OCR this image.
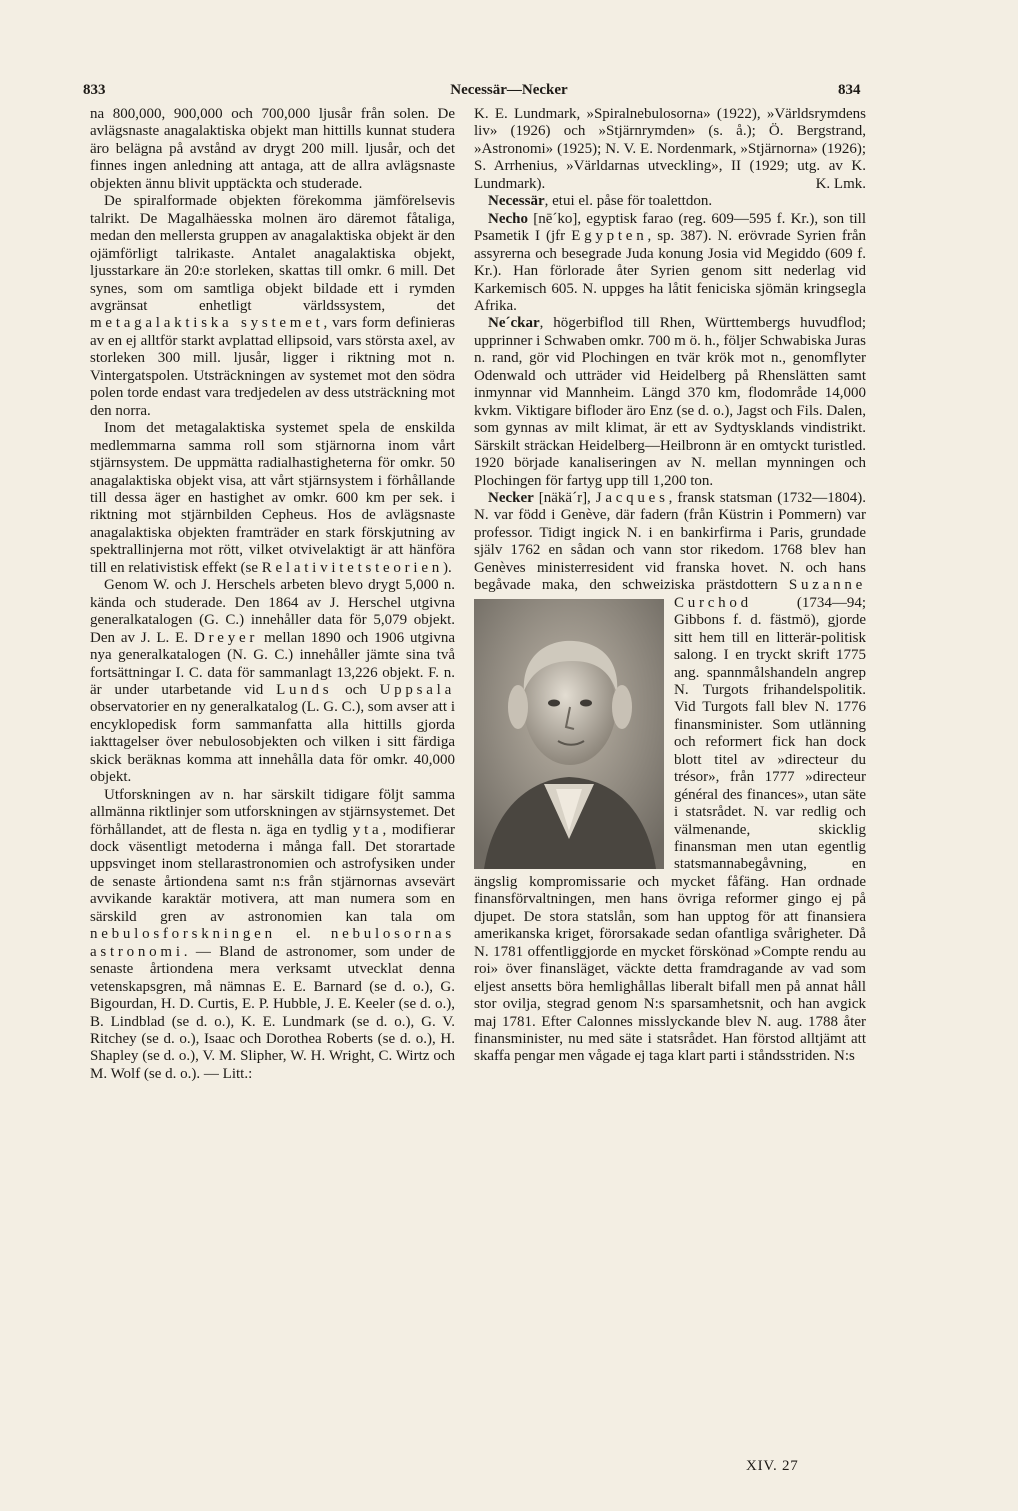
833	Necessär—Necker	834

na 800,000, 900,000 och 700,000 ljusår från solen. De avlägsnaste anagalaktiska objekt man hittills kunnat studera äro belägna på avstånd av drygt 200 mill. ljusår, och det finnes ingen anledning att antaga, att de allra avlägsnaste objekten ännu blivit upptäckta och studerade.

De spiralformade objekten förekomma jämförelsevis talrikt. De Magalhäesska molnen äro däremot fåtaliga, medan den mellersta gruppen av anagalaktiska objekt är den ojämförligt talrikaste. Antalet anagalaktiska objekt, ljusstarkare än 20:e storleken, skattas till omkr. 6 mill. Det synes, som om samtliga objekt bildade ett i rymden avgränsat enhetligt världssystem, det metagalaktiska systemet, vars form definieras av en ej alltför starkt avplattad ellipsoid, vars största axel, av storleken 300 mill. ljusår, ligger i riktning mot n. Vintergatspolen. Utsträckningen av systemet mot den södra polen torde endast vara tredjedelen av dess utsträckning mot den norra.

Inom det metagalaktiska systemet spela de enskilda medlemmarna samma roll som stjärnorna inom vårt stjärnsystem. De uppmätta radialhastigheterna för omkr. 50 anagalaktiska objekt visa, att vårt stjärnsystem i förhållande till dessa äger en hastighet av omkr. 600 km per sek. i riktning mot stjärnbilden Cepheus. Hos de avlägsnaste anagalaktiska objekten framträder en stark förskjutning av spektrallinjerna mot rött, vilket otvivelaktigt är att hänföra till en relativistisk effekt (se Relativitetsteorien).

Genom W. och J. Herschels arbeten blevo drygt 5,000 n. kända och studerade. Den 1864 av J. Herschel utgivna generalkatalogen (G. C.) innehåller data för 5,079 objekt. Den av J. L. E. Dreyer mellan 1890 och 1906 utgivna nya generalkatalogen (N. G. C.) innehåller jämte sina två fortsättningar I. C. data för sammanlagt 13,226 objekt. F. n. är under utarbetande vid Lunds och Uppsala observatorier en ny generalkatalog (L. G. C.), som avser att i encyklopedisk form sammanfatta alla hittills gjorda iakttagelser över nebulosobjekten och vilken i sitt färdiga skick beräknas komma att innehålla data för omkr. 40,000 objekt.

Utforskningen av n. har särskilt tidigare följt samma allmänna riktlinjer som utforskningen av stjärnsystemet. Det förhållandet, att de flesta n. äga en tydlig yta, modifierar dock väsentligt metoderna i många fall. Det storartade uppsvinget inom stellarastronomien och astrofysiken under de senaste årtiondena samt n:s från stjärnornas avsevärt avvikande karaktär motivera, att man numera som en särskild gren av astronomien kan tala om nebulosforskningen el. nebulosornas astronomi. — Bland de astronomer, som under de senaste årtiondena mera verksamt utvecklat denna vetenskapsgren, må nämnas E. E. Barnard (se d. o.), G. Bigourdan, H. D. Curtis, E. P. Hubble, J. E. Keeler (se d. o.), B. Lindblad (se d. o.), K. E. Lundmark (se d. o.), G. V. Ritchey (se d. o.), Isaac och Dorothea Roberts (se d. o.), H. Shapley (se d. o.), V. M. Slipher, W. H. Wright, C. Wirtz och M. Wolf (se d. o.). — Litt.:

K. E. Lundmark, »Spiralnebulosorna» (1922), »Världsrymdens liv» (1926) och »Stjärnrymden» (s. å.); Ö. Bergstrand, »Astronomi» (1925); N. V. E. Nordenmark, »Stjärnorna» (1926); S. Arrhenius, »Världarnas utveckling», II (1929; utg. av K. Lundmark).	K. Lmk.

Necessär, etui el. påse för toalettdon.

Necho [nē´ko], egyptisk farao (reg. 609—595 f. Kr.), son till Psametik I (jfr Egypten, sp. 387). N. erövrade Syrien från assyrerna och besegrade Juda konung Josia vid Megiddo (609 f. Kr.). Han förlorade åter Syrien genom sitt nederlag vid Karkemisch 605. N. uppges ha låtit feniciska sjömän kringsegla Afrika.

Ne´ckar, högerbiflod till Rhen, Württembergs huvudflod; upprinner i Schwaben omkr. 700 m ö. h., följer Schwabiska Juras n. rand, gör vid Plochingen en tvär krök mot n., genomflyter Odenwald och utträder vid Heidelberg på Rhenslätten samt inmynnar vid Mannheim. Längd 370 km, flodområde 14,000 kvkm. Viktigare bifloder äro Enz (se d. o.), Jagst och Fils. Dalen, som gynnas av milt klimat, är ett av Sydtysklands vindistrikt. Särskilt sträckan Heidelberg—Heilbronn är en omtyckt turistled. 1920 började kanaliseringen av N. mellan mynningen och Plochingen för fartyg upp till 1,200 ton.

Necker [näkä´r], Jacques, fransk statsman (1732—1804). N. var född i Genève, där fadern (från Küstrin i Pommern) var professor. Tidigt ingick N. i en bankirfirma i Paris, grundade själv 1762 en sådan och vann stor rikedom. 1768 blev han Genèves ministerresident vid franska hovet. N. och hans begåvade maka, den schweiziska prästdottern
Suzanne Curchod (1734—94; Gibbons f. d. fästmö), gjorde sitt hem till en litterär-politisk salong. I en tryckt skrift 1775 ang. spannmålshandeln angrep N. Turgots frihandelspolitik. Vid Turgots fall blev N. 1776 finansminister. Som utlänning och reformert fick han dock blott titel av »directeur du trésor», från 1777 »directeur général des finances», utan säte i statsrådet. N. var redlig och välmenande, skicklig finansman men utan egentlig statsmannabegåvning, en ängslig kompromissarie och mycket fåfäng. Han ordnade finansförvaltningen, men hans övriga reformer gingo ej på djupet. De stora statslån, som han upptog för att finansiera amerikanska kriget, förorsakade sedan ofantliga svårigheter. Då N. 1781 offentliggjorde en mycket förskönad »Compte rendu au roi» över finansläget, väckte detta framdragande av vad som eljest ansetts böra hemlighållas liberalt bifall men på annat håll stor ovilja, stegrad genom N:s sparsamhetsnit, och han avgick maj 1781. Efter Calonnes misslyckande blev N. aug. 1788 åter finansminister, nu med säte i statsrådet. Han förstod alltjämt att skaffa pengar men vågade ej taga klart parti i ståndsstriden. N:s

XIV. 27
